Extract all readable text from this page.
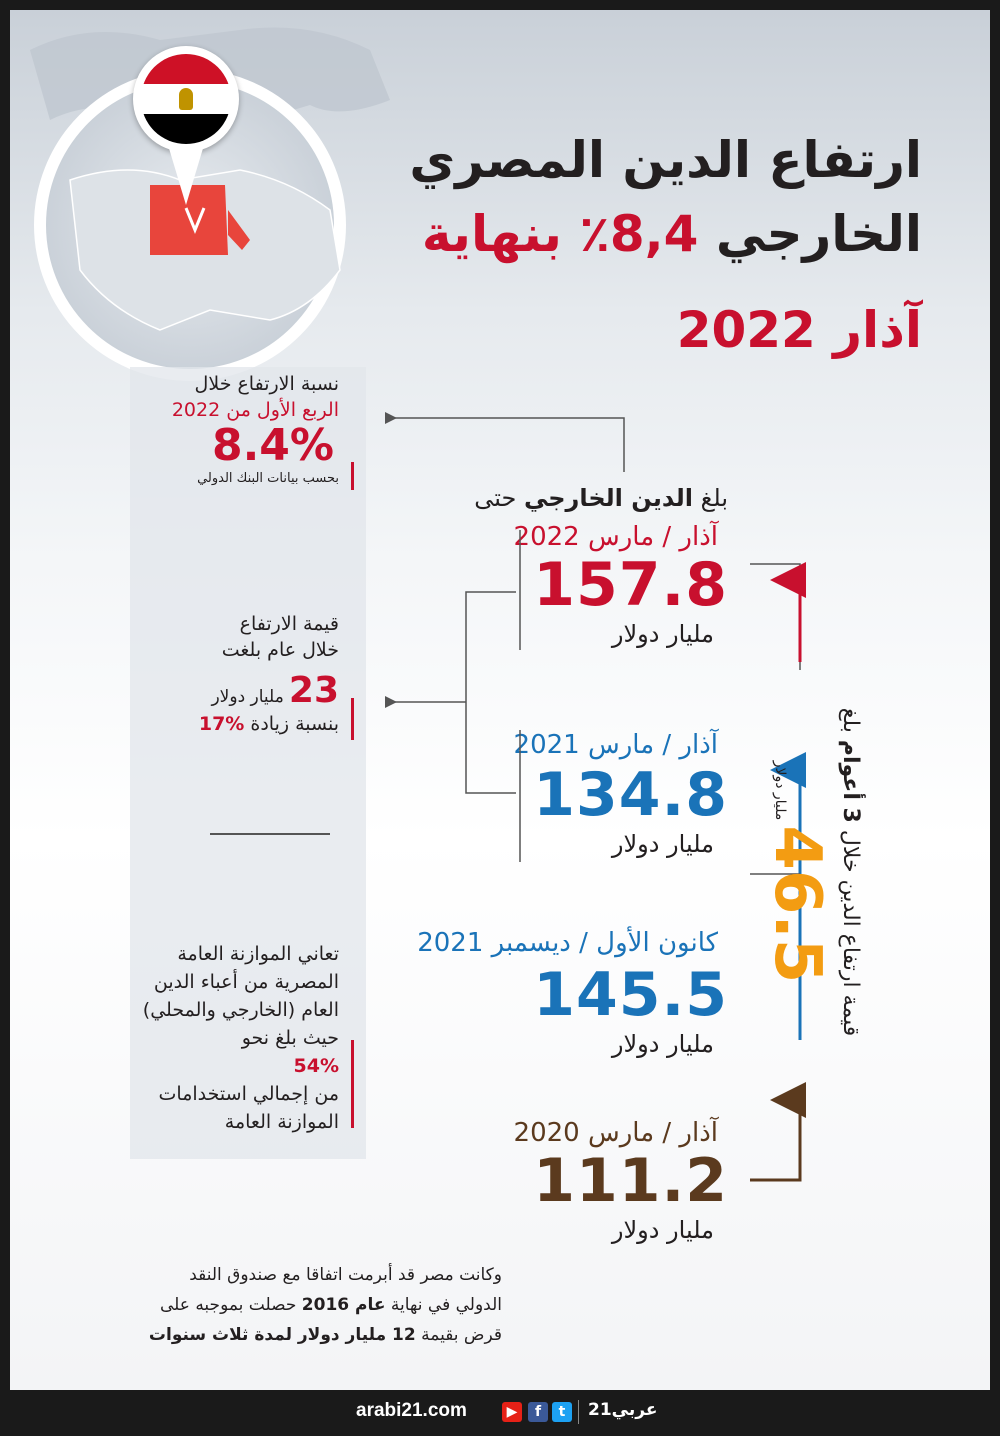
ارتفاع الدين المصري
الخارجي 8,4٪ بنهاية
آذار 2022
نسبة الارتفاع خلال
الربع الأول من 2022
8.4%
بحسب بيانات البنك الدولي
قيمة الارتفاع
خلال عام بلغت
23 مليار دولار
بنسبة زيادة 17%
تعاني الموازنة العامة
المصرية من أعباء الدين
العام (الخارجي والمحلي)
حيث بلغ نحو
54%
من إجمالي استخدامات
الموازنة العامة
بلغ الدين الخارجي حتى
آذار / مارس 2022
157.8
مليار دولار
آذار / مارس 2021
134.8
مليار دولار
كانون الأول / ديسمبر 2021
145.5
مليار دولار
آذار / مارس 2020
111.2
مليار دولار
قيمة ارتفاع الدين خلال 3 أعوام بلغ
46.5 مليار دولار
وكانت مصر قد أبرمت اتفاقا مع صندوق النقد
الدولي في نهاية عام 2016 حصلت بموجبه على
قرض بقيمة 12 مليار دولار لمدة ثلاث سنوات
arabi21.com	▶	f	t	عربي21
